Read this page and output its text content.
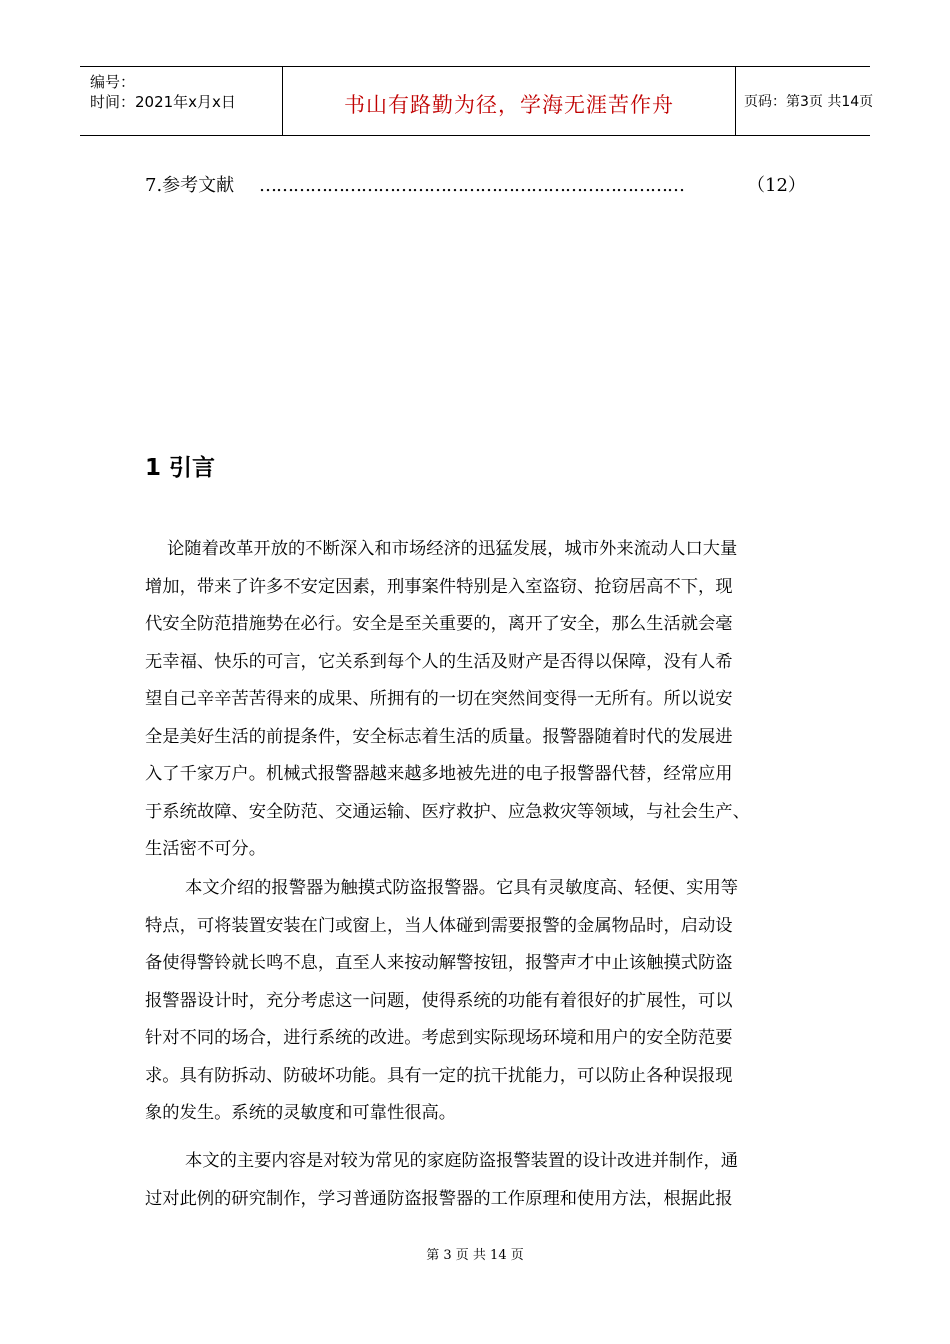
编号：
时间：2021年x月x日	书山有路勤为径，学海无涯苦作舟	页码：第3页 共14页
7.参考文献 …………………………………………………………………	（12）
1 引言
论随着改革开放的不断深入和市场经济的迅猛发展，城市外来流动人口大量
增加，带来了许多不安定因素，刑事案件特别是入室盗窃、抢窃居高不下，现
代安全防范措施势在必行。安全是至关重要的，离开了安全，那么生活就会毫
无幸福、快乐的可言，它关系到每个人的生活及财产是否得以保障，没有人希
望自己辛辛苦苦得来的成果、所拥有的一切在突然间变得一无所有。所以说安
全是美好生活的前提条件，安全标志着生活的质量。报警器随着时代的发展进
入了千家万户。机械式报警器越来越多地被先进的电子报警器代替，经常应用
于系统故障、安全防范、交通运输、医疗救护、应急救灾等领域，与社会生产、
生活密不可分。
本文介绍的报警器为触摸式防盗报警器。它具有灵敏度高、轻便、实用等
特点，可将装置安装在门或窗上，当人体碰到需要报警的金属物品时，启动设
备使得警铃就长鸣不息，直至人来按动解警按钮，报警声才中止该触摸式防盗
报警器设计时，充分考虑这一问题，使得系统的功能有着很好的扩展性，可以
针对不同的场合，进行系统的改进。考虑到实际现场环境和用户的安全防范要
求。具有防拆动、防破坏功能。具有一定的抗干扰能力，可以防止各种误报现
象的发生。系统的灵敏度和可靠性很高。
本文的主要内容是对较为常见的家庭防盗报警装置的设计改进并制作，通
过对此例的研究制作，学习普通防盗报警器的工作原理和使用方法，根据此报
第 3 页 共 14 页
